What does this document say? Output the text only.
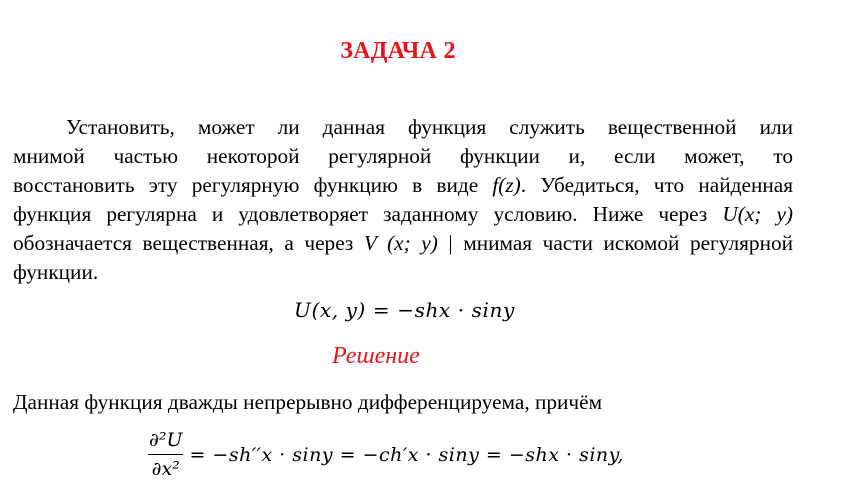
ЗАДАЧА 2
Установить, может ли данная функция служить вещественной или
мнимой частью некоторой регулярной функции и, если может, то
восстановить эту регулярную функцию в виде f(z). Убедиться, что найденная
функция регулярна и удовлетворяет заданному условию. Ниже через U(x; y)
обозначается вещественная, а через V (x; y) | мнимая части искомой регулярной
функции.
U(x, y) = −shx · siny
Решение
Данная функция дважды непрерывно дифференцируема, причём
$\frac{\text{∂²U}}{\text{∂x²}} = -sh''x \cdot \sin y = -ch'x \cdot \sin y = -shx \cdot \sin y$,
